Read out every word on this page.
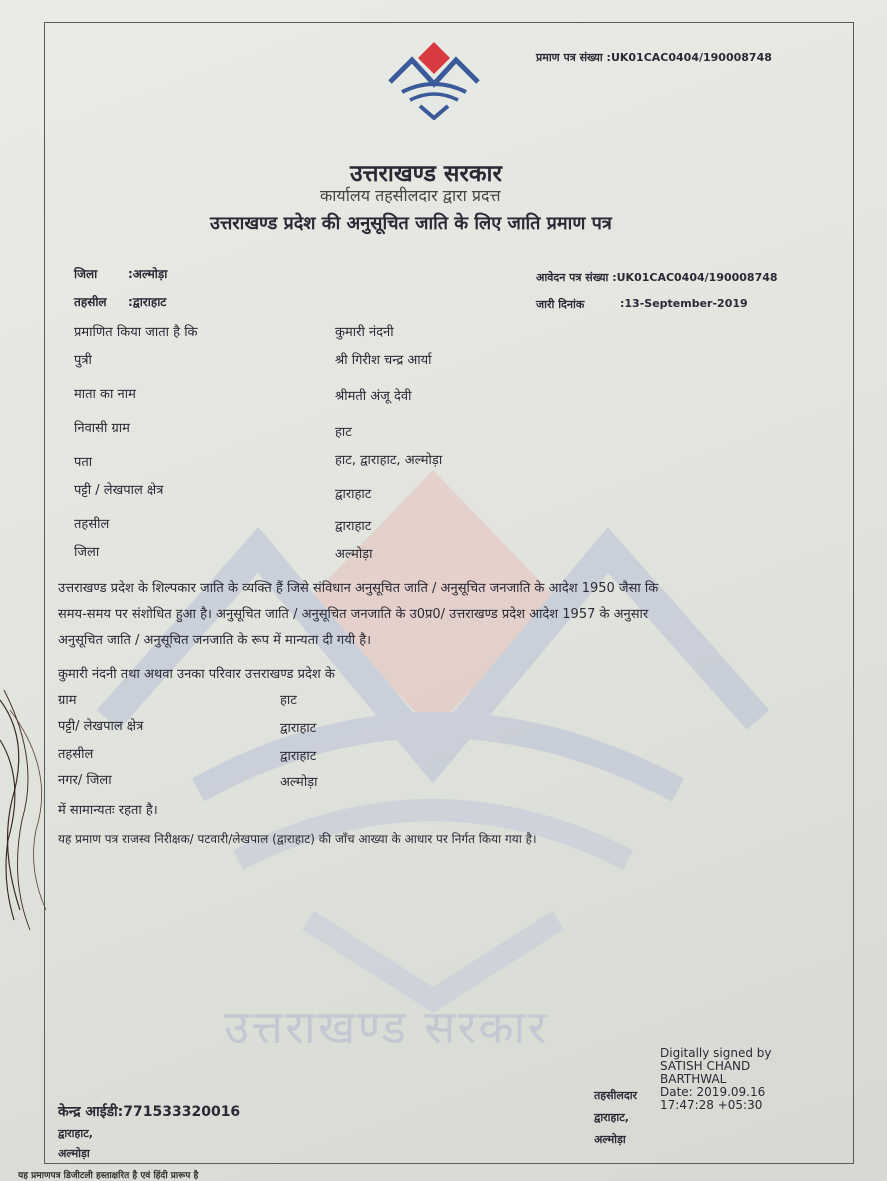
उत्तराखण्ड सरकार
प्रमाण पत्र संख्या :UK01CAC0404/190008748
उत्तराखण्ड सरकार
कार्यालय तहसीलदार द्वारा प्रदत्त
उत्तराखण्ड प्रदेश की अनुसूचित जाति के लिए जाति प्रमाण पत्र
जिला	:अल्मोड़ा
तहसील :द्वाराहाट
आवेदन पत्र संख्या :UK01CAC0404/190008748
जारी दिनांक	:13-September-2019
प्रमाणित किया जाता है कि	कुमारी नंदनी
पुत्री	श्री गिरीश चन्द्र आर्या
माता का नाम	श्रीमती अंजू देवी
निवासी ग्राम	हाट
पता	हाट, द्वाराहाट, अल्मोड़ा
पट्टी / लेखपाल क्षेत्र	द्वाराहाट
तहसील	द्वाराहाट
जिला	अल्मोड़ा
उत्तराखण्ड प्रदेश के शिल्पकार जाति के व्यक्ति हैं जिसे संविधान अनुसूचित जाति / अनुसूचित जनजाति के आदेश 1950 जैसा कि
समय-समय पर संशोधित हुआ है। अनुसूचित जाति / अनुसूचित जनजाति के उ0प्र0/ उत्तराखण्ड प्रदेश आदेश 1957 के अनुसार
अनुसूचित जाति / अनुसूचित जनजाति के रूप में मान्यता दी गयी है।
कुमारी नंदनी तथा अथवा उनका परिवार उत्तराखण्ड प्रदेश के
ग्राम	हाट
पट्टी/ लेखपाल क्षेत्र	द्वाराहाट
तहसील	द्वाराहाट
नगर/ जिला	अल्मोड़ा
में सामान्यतः रहता है।
यह प्रमाण पत्र राजस्व निरीक्षक/ पटवारी/लेखपाल (द्वाराहाट) की जाँच आख्या के आधार पर निर्गत किया गया है।
Digitally signed by
SATISH CHAND
BARTHWAL
Date: 2019.09.16
17:47:28 +05:30
तहसीलदार
द्वाराहाट,
अल्मोड़ा
केन्द्र आईडी:771533320016
द्वाराहाट,
अल्मोड़ा
यह प्रमाणपत्र डिजीटली हस्ताक्षरित है एवं हिंदी प्रारूप है
